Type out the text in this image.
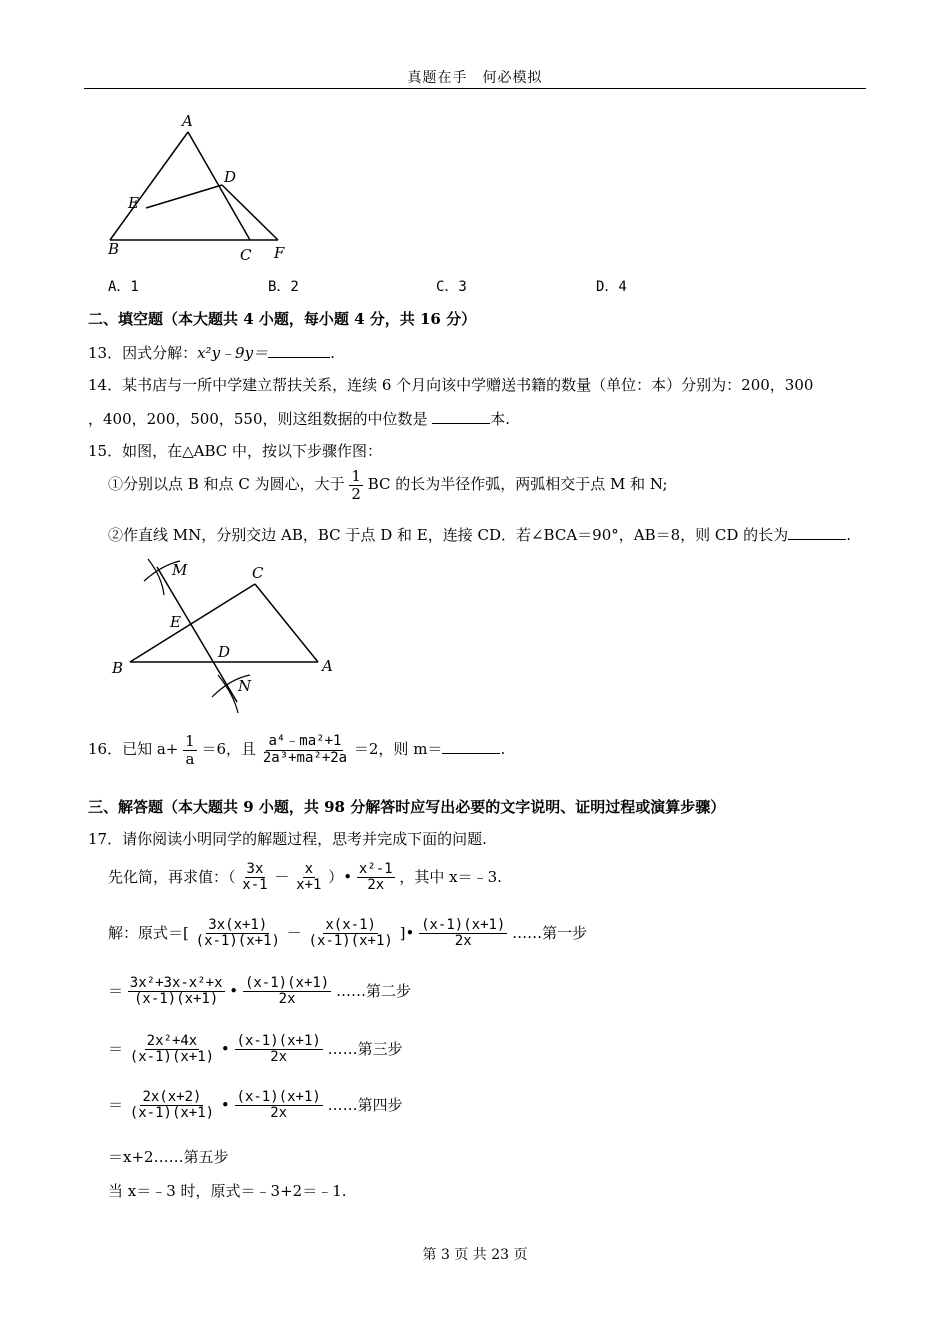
真题在手　何必模拟
A
D
E
B	C F
A．1	B．2	C．3	D．4
二、填空题（本大题共 4 小题，每小题 4 分，共 16 分）
13．因式分解：x²y﹣9y＝	.
14．某书店与一所中学建立帮扶关系，连续 6 个月向该中学赠送书籍的数量（单位：本）分别为：200，300
，400，200，500，550，则这组数据的中位数是	本.
15．如图，在△ABC 中，按以下步骤作图：
①分别以点 B 和点 C 为圆心，大于 $\frac{1}{2}$ BC 的长为半径作弧，两弧相交于点 M 和 N;
②作直线 MN，分别交边 AB，BC 于点 D 和 E，连接 CD．若∠BCA＝90°，AB＝8，则 CD 的长为	.
M	C
E
D
B	A
N
16．已知 $a+ \frac{1}{a} =6$，且 $\frac{\text{a⁴﹣ma²+1}}{\text{2a³+ma²+2a}} =2$，则 m＝	.
三、解答题（本大题共 9 小题，共 98 分解答时应写出必要的文字说明、证明过程或演算步骤）
17．请你阅读小明同学的解题过程，思考并完成下面的问题.
先化简，再求值：（ $\frac{3x}{x-1} - \frac{x}{x+1}$ ）• $\frac{\text{x²-1}}{2x}$ ，其中 x＝﹣3.
解：原式＝[ $\frac{3x(x+1)}{(x-1)(x+1)} - \frac{x(x-1)}{(x-1)(x+1)}$ ]• $\frac{(x-1)(x+1)}{2x}$ ……第一步
＝ $\frac{\text{3x²+3x-x²+x}}{(x-1)(x+1)}$ • $\frac{(x-1)(x+1)}{2x}$ ……第二步
＝ $\frac{\text{2x²+4x}}{(x-1)(x+1)}$ • $\frac{(x-1)(x+1)}{2x}$ ……第三步
＝ $\frac{2x(x+2)}{(x-1)(x+1)}$ • $\frac{(x-1)(x+1)}{2x}$ ……第四步
＝x+2……第五步
当 x＝﹣3 时，原式＝﹣3+2＝﹣1.
第 3 页 共 23 页
